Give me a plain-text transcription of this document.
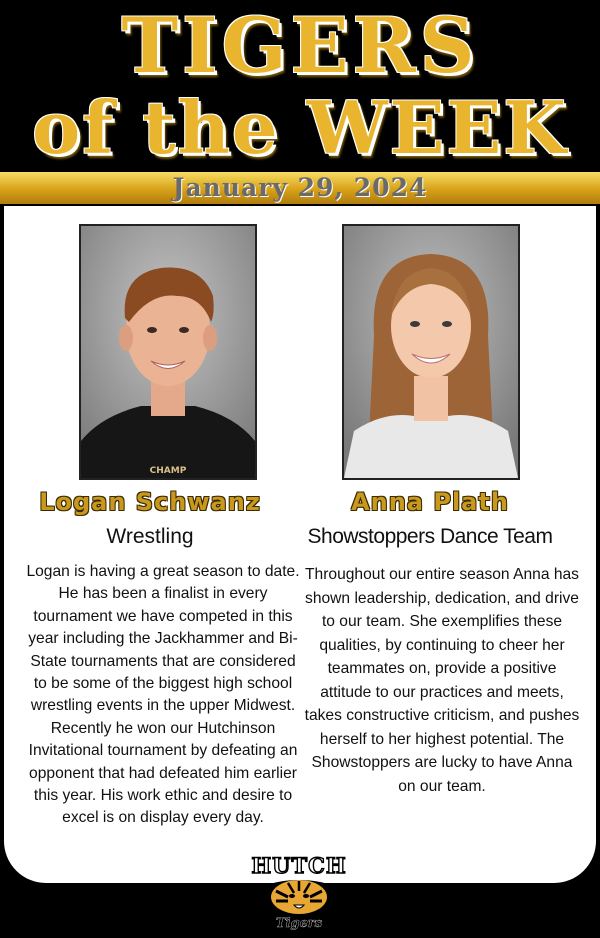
TIGERS
of the WEEK
January 29, 2024
CHAMP
Logan Schwanz	Anna Plath
Wrestling	Showstoppers Dance Team
Logan is having a great season to date. He has been a finalist in every tournament we have competed in this year including the Jackhammer and Bi-State tournaments that are considered to be some of the biggest high school wrestling events in the upper Midwest. Recently he won our Hutchinson Invitational tournament by defeating an opponent that had defeated him earlier this year. His work ethic and desire to excel is on display every day.
Throughout our entire season Anna has shown leadership, dedication, and drive to our team. She exemplifies these qualities, by continuing to cheer her teammates on, provide a positive attitude to our practices and meets, takes constructive criticism, and pushes herself to her highest potential. The Showstoppers are lucky to have Anna on our team.
HUTCH
Tigers
